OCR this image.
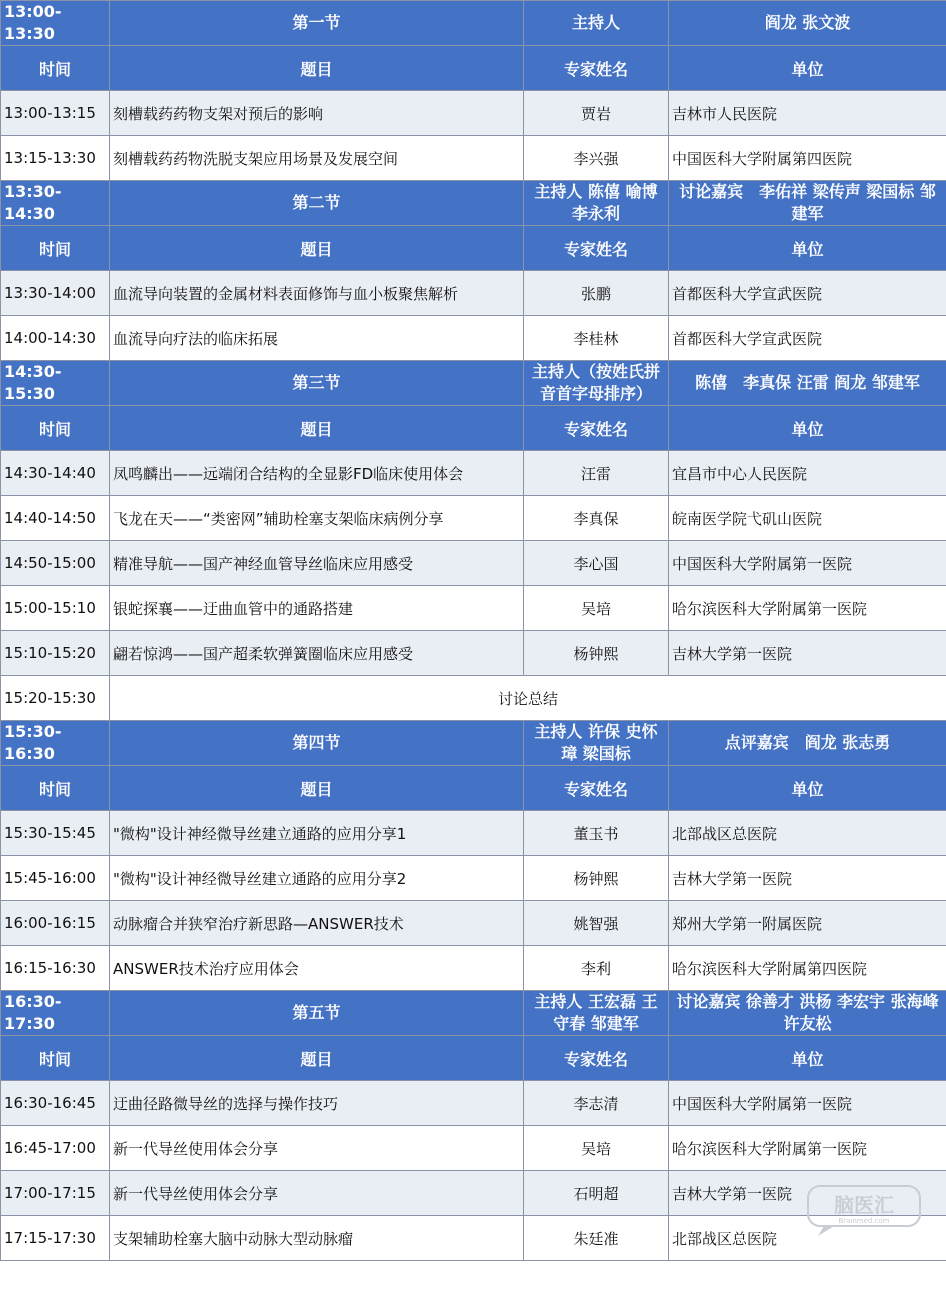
13:00-13:30	第一节	主持人	阎龙 张文波
时间	题目	专家姓名	单位
13:00-13:15	刻槽载药药物支架对预后的影响	贾岩	吉林市人民医院
13:15-13:30	刻槽载药药物洗脱支架应用场景及发展空间	李兴强	中国医科大学附属第四医院
13:30-14:30	第二节	主持人 陈僖 喻博 李永利	讨论嘉宾　李佑祥 梁传声 梁国标 邹建军
时间	题目	专家姓名	单位
13:30-14:00	血流导向装置的金属材料表面修饰与血小板聚焦解析	张鹏	首都医科大学宣武医院
14:00-14:30	血流导向疗法的临床拓展	李桂林	首都医科大学宣武医院
14:30-15:30	第三节	主持人（按姓氏拼音首字母排序）	陈僖　李真保 汪雷 阎龙 邹建军
时间	题目	专家姓名	单位
14:30-14:40	凤鸣麟出——远端闭合结构的全显影FD临床使用体会	汪雷	宜昌市中心人民医院
14:40-14:50	飞龙在天——“类密网”辅助栓塞支架临床病例分享	李真保	皖南医学院弋矶山医院
14:50-15:00	精准导航——国产神经血管导丝临床应用感受	李心国	中国医科大学附属第一医院
15:00-15:10	银蛇探襄——迂曲血管中的通路搭建	吴培	哈尔滨医科大学附属第一医院
15:10-15:20	翩若惊鸿——国产超柔软弹簧圈临床应用感受	杨钟熙	吉林大学第一医院
15:20-15:30	讨论总结		
15:30-16:30	第四节	主持人 许保 史怀璋 梁国标	点评嘉宾　阎龙 张志勇
时间	题目	专家姓名	单位
15:30-15:45	"微构"设计神经微导丝建立通路的应用分享1	董玉书	北部战区总医院
15:45-16:00	"微构"设计神经微导丝建立通路的应用分享2	杨钟熙	吉林大学第一医院
16:00-16:15	动脉瘤合并狭窄治疗新思路—ANSWER技术	姚智强	郑州大学第一附属医院
16:15-16:30	ANSWER技术治疗应用体会	李利	哈尔滨医科大学附属第四医院
16:30-17:30	第五节	主持人 王宏磊 王守春 邹建军	讨论嘉宾 徐善才 洪杨 李宏宇 张海峰 许友松
时间	题目	专家姓名	单位
16:30-16:45	迂曲径路微导丝的选择与操作技巧	李志清	中国医科大学附属第一医院
16:45-17:00	新一代导丝使用体会分享	吴培	哈尔滨医科大学附属第一医院
17:00-17:15	新一代导丝使用体会分享	石明超	吉林大学第一医院
17:15-17:30	支架辅助栓塞大脑中动脉大型动脉瘤	朱廷准	北部战区总医院
脑医汇
Brainmed.com
